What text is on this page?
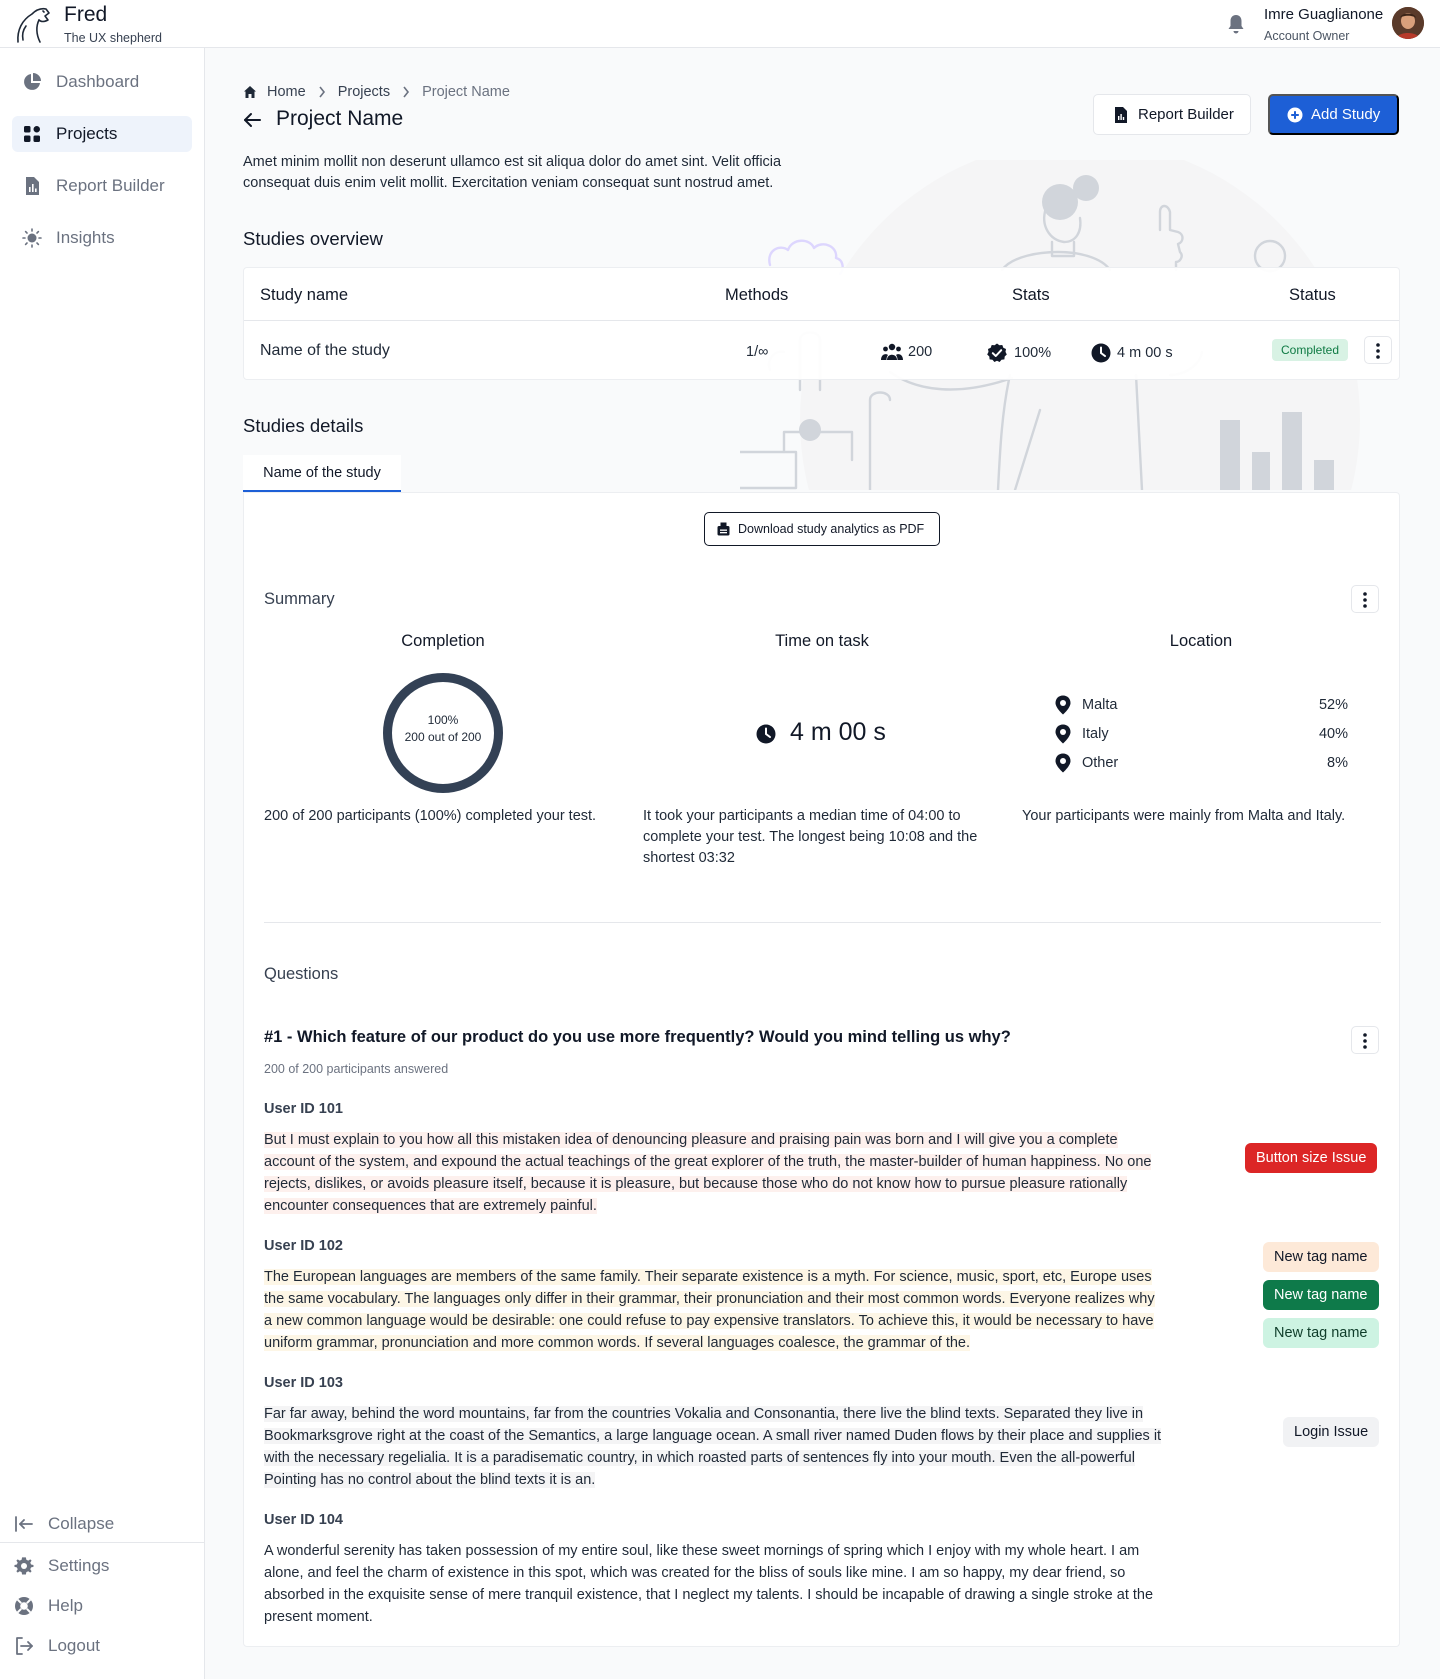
Fred
The UX shepherd
Imre Guaglianone
Account Owner
Dashboard
Projects
Report Builder
Insights
Collapse
Settings
Help
Logout
Home Projects Project Name
Project Name	Report Builder	Add Study

Amet minim mollit non deserunt ullamco est sit aliqua dolor do amet sint. Velit officia consequat duis enim velit mollit. Exercitation veniam consequat sunt nostrud amet.

Studies overview
Study name	Methods	Stats	Status
Name of the study	1/∞	200	100%	4 m 00 s	Completed
Studies details
Name of the study
Download study analytics as PDF
Summary
Completion
100%
200 out of 200

200 of 200 participants (100%) completed your test.

Time on task
4 m 00 s

It took your participants a median time of 04:00 to complete your test. The longest being 10:08 and the shortest 03:32

Location
Malta	52%
Italy	40%
Other	8%

Your participants were mainly from Malta and Italy.

Questions
#1 - Which feature of our product do you use more frequently? Would you mind telling us why?
200 of 200 participants answered
User ID 101

But I must explain to you how all this mistaken idea of denouncing pleasure and praising pain was born and I will give you a complete account of the system, and expound the actual teachings of the great explorer of the truth, the master-builder of human happiness. No one rejects, dislikes, or avoids pleasure itself, because it is pleasure, but because those who do not know how to pursue pleasure rationally encounter consequences that are extremely painful.

Button size Issue
User ID 102

The European languages are members of the same family. Their separate existence is a myth. For science, music, sport, etc, Europe uses the same vocabulary. The languages only differ in their grammar, their pronunciation and their most common words. Everyone realizes why a new common language would be desirable: one could refuse to pay expensive translators. To achieve this, it would be necessary to have uniform grammar, pronunciation and more common words. If several languages coalesce, the grammar of the.

New tag name
New tag name
New tag name
User ID 103

Far far away, behind the word mountains, far from the countries Vokalia and Consonantia, there live the blind texts. Separated they live in Bookmarksgrove right at the coast of the Semantics, a large language ocean. A small river named Duden flows by their place and supplies it with the necessary regelialia. It is a paradisematic country, in which roasted parts of sentences fly into your mouth. Even the all-powerful Pointing has no control about the blind texts it is an.

Login Issue
User ID 104

A wonderful serenity has taken possession of my entire soul, like these sweet mornings of spring which I enjoy with my whole heart. I am alone, and feel the charm of existence in this spot, which was created for the bliss of souls like mine. I am so happy, my dear friend, so absorbed in the exquisite sense of mere tranquil existence, that I neglect my talents. I should be incapable of drawing a single stroke at the present moment.
